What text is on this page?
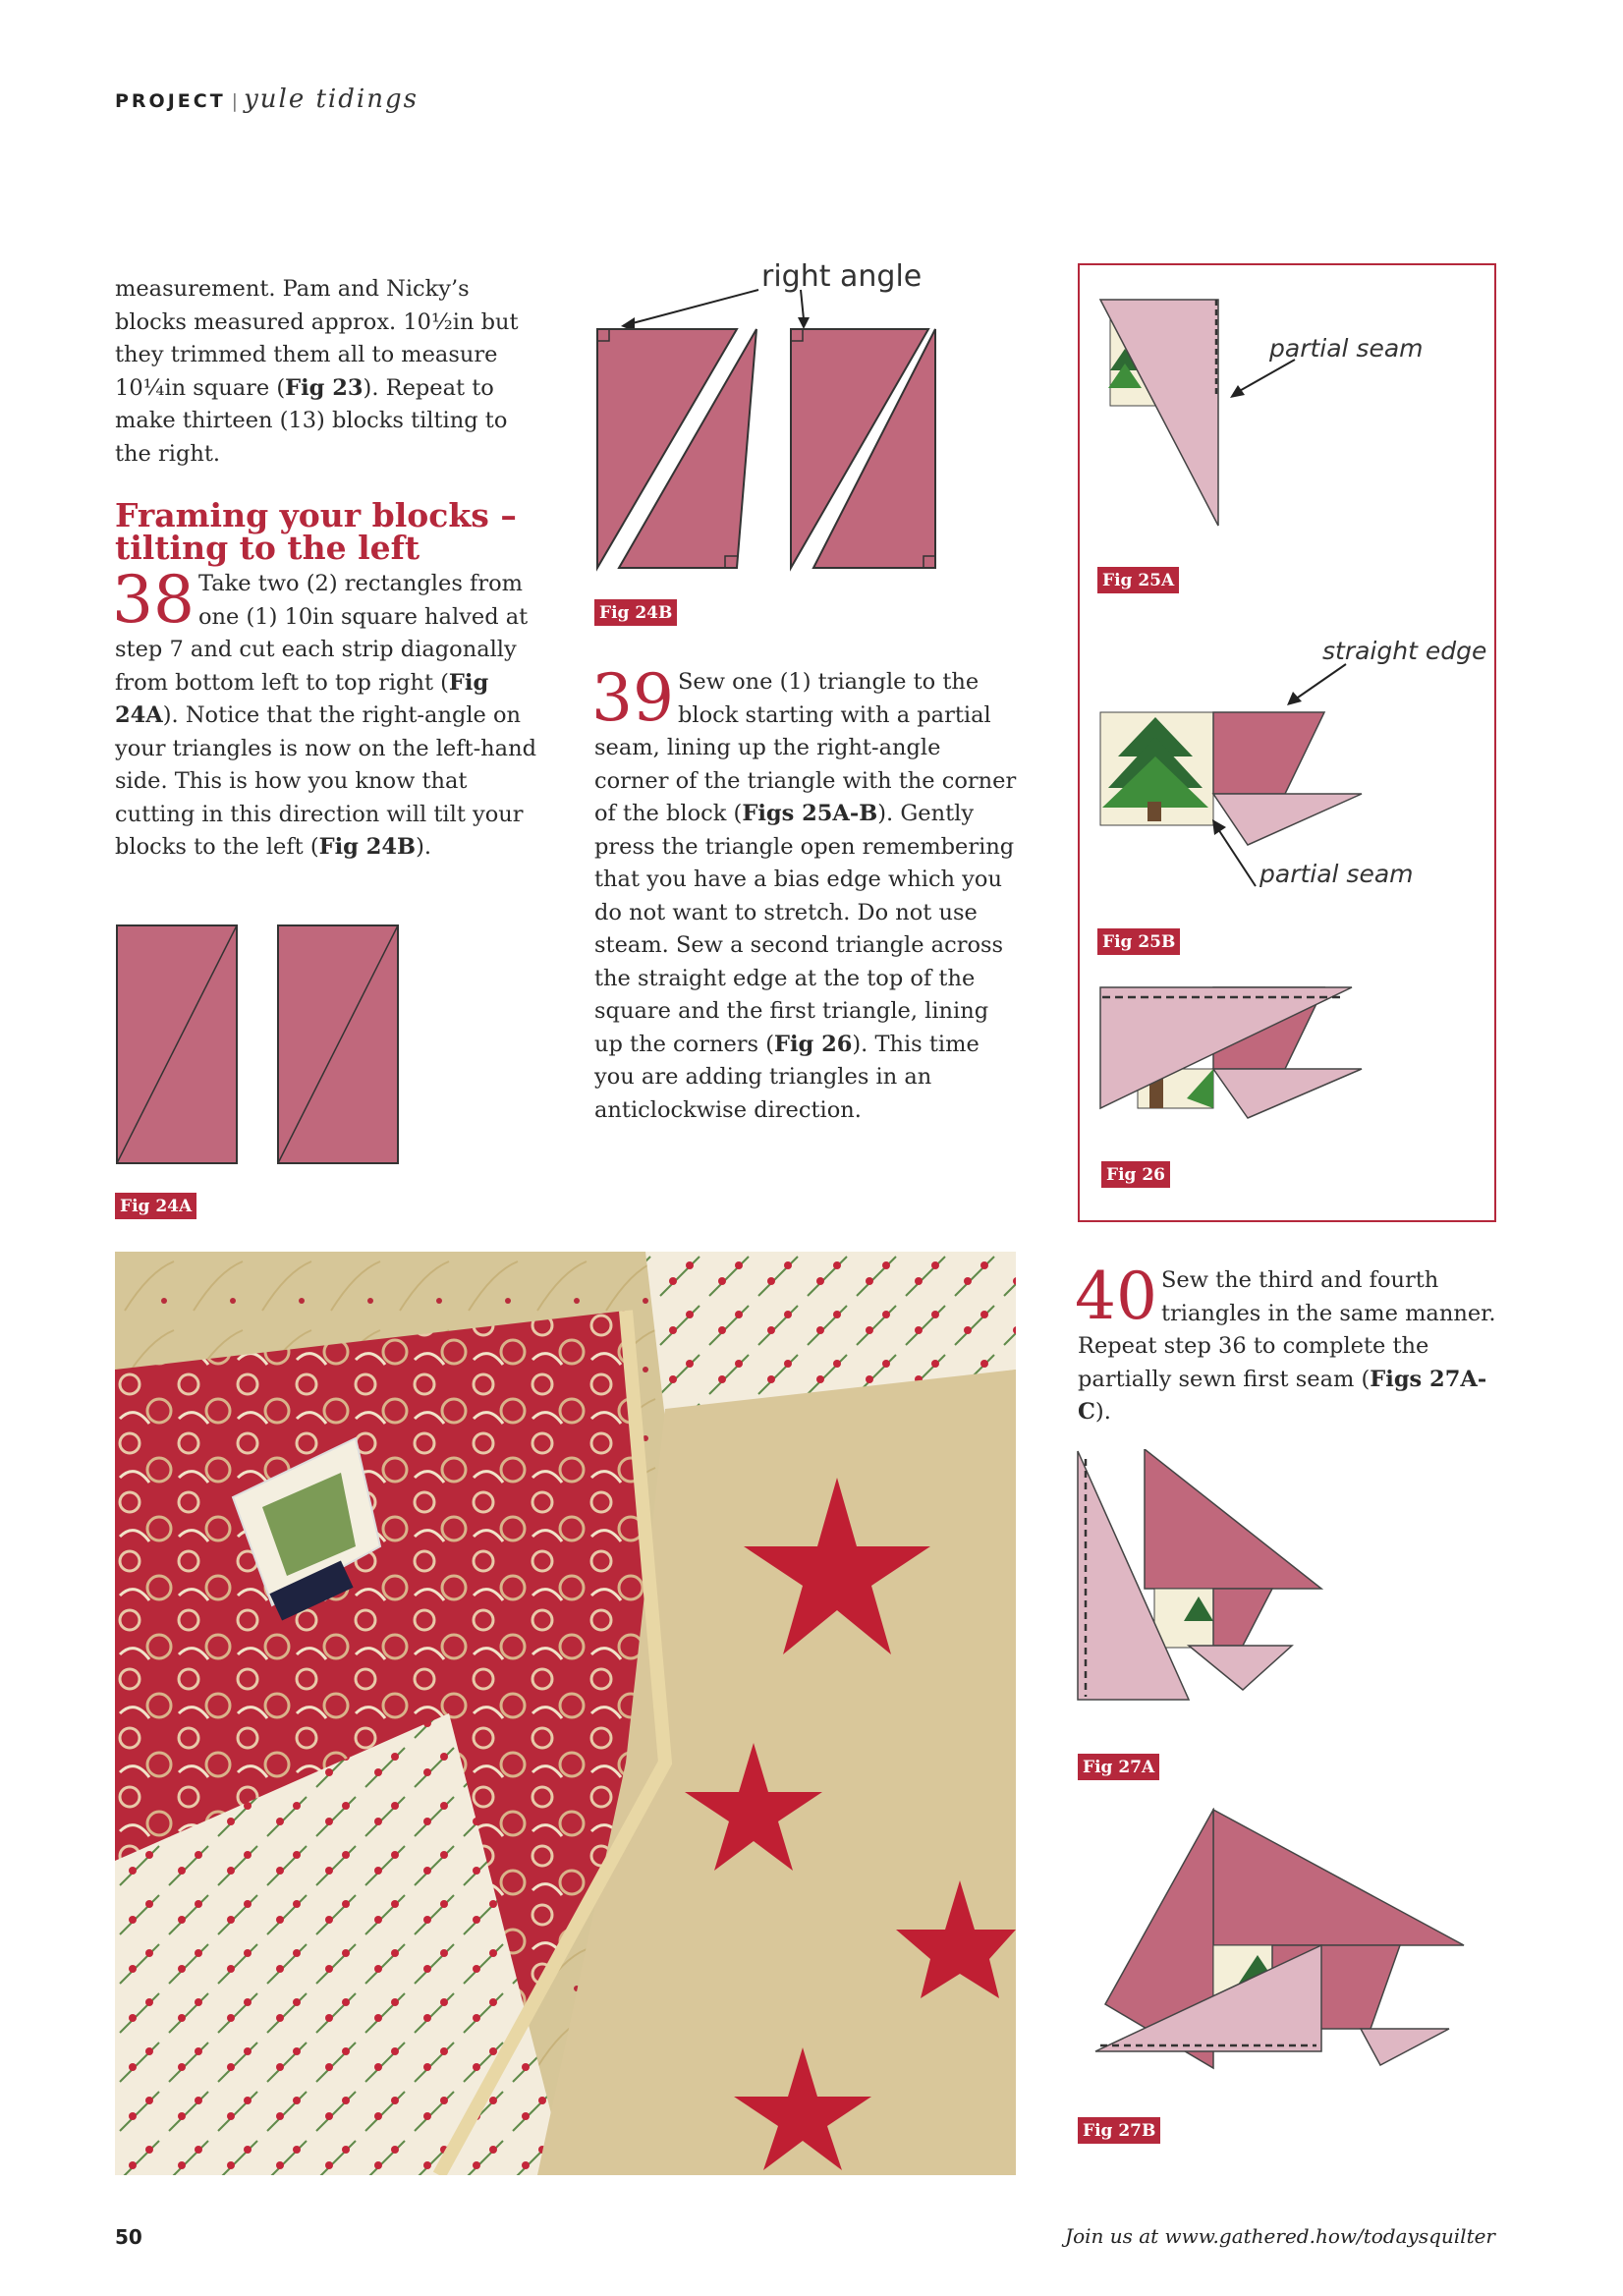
PROJECT | yule tidings
measurement. Pam and Nicky’s blocks measured approx. 10½in but they trimmed them all to measure 10¼in square (Fig 23). Repeat to make thirteen (13) blocks tilting to the right.
Framing your blocks – tilting to the left
38 Take two (2) rectangles from one (1) 10in square halved at step 7 and cut each strip diagonally from bottom left to top right (Fig 24A). Notice that the right-angle on your triangles is now on the left-hand side. This is how you know that cutting in this direction will tilt your blocks to the left (Fig 24B).
Fig 24A
right angle
Fig 24B
39 Sew one (1) triangle to the block starting with a partial seam, lining up the right-angle corner of the triangle with the corner of the block (Figs 25A-B). Gently press the triangle open remembering that you have a bias edge which you do not want to stretch. Do not use steam. Sew a second triangle across the straight edge at the top of the square and the first triangle, lining up the corners (Fig 26). This time you are adding triangles in an anticlockwise direction.
partial seam
Fig 25A
straight edge
partial seam
Fig 25B
Fig 26
40 Sew the third and fourth triangles in the same manner. Repeat step 36 to complete the partially sewn first seam (Figs 27A-C).
Fig 27A
Fig 27B
50	Join us at www.gathered.how/todaysquilter
